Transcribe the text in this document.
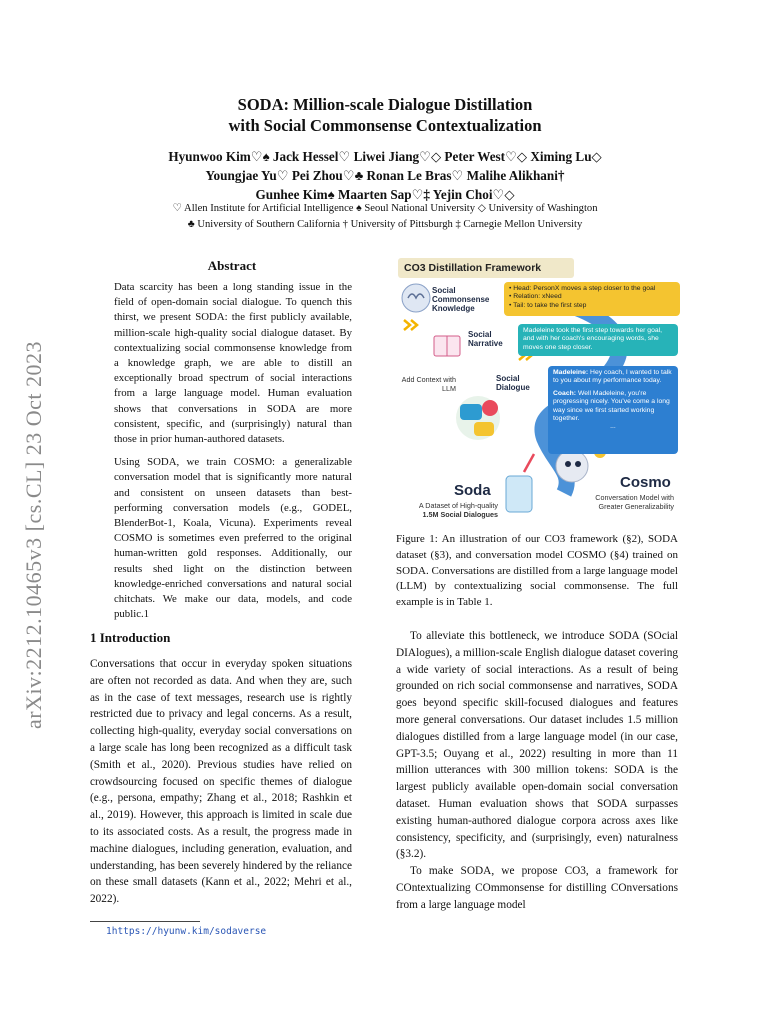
arXiv:2212.10465v3 [cs.CL] 23 Oct 2023
SODA: Million-scale Dialogue Distillation
with Social Commonsense Contextualization
Hyunwoo Kim♡♠ Jack Hessel♡ Liwei Jiang♡◇ Peter West♡◇ Ximing Lu◇
Youngjae Yu♡ Pei Zhou♡♣ Ronan Le Bras♡ Malihe Alikhani†
Gunhee Kim♠ Maarten Sap♡‡ Yejin Choi♡◇
♡ Allen Institute for Artificial Intelligence ♠ Seoul National University ◇ University of Washington
♣ University of Southern California † University of Pittsburgh ‡ Carnegie Mellon University
Abstract

Data scarcity has been a long standing issue in the field of open-domain social dialogue. To quench this thirst, we present SODA: the first publicly available, million-scale high-quality social dialogue dataset. By contextualizing social commonsense knowledge from a knowledge graph, we are able to distill an exceptionally broad spectrum of social interactions from a large language model. Human evaluation shows that conversations in SODA are more consistent, specific, and (surprisingly) natural than those in prior human-authored datasets.

Using SODA, we train COSMO: a generalizable conversation model that is significantly more natural and consistent on unseen datasets than best-performing conversation models (e.g., GODEL, BlenderBot-1, Koala, Vicuna). Experiments reveal COSMO is sometimes even preferred to the original human-written gold responses. Additionally, our results shed light on the distinction between knowledge-enriched conversations and natural social chitchats. We make our data, models, and code public.1

1 Introduction

Conversations that occur in everyday spoken situations are often not recorded as data. And when they are, such as in the case of text messages, research use is rightly restricted due to privacy and legal concerns. As a result, collecting high-quality, everyday social conversations on a large scale has long been recognized as a difficult task (Smith et al., 2020). Previous studies have relied on crowdsourcing focused on specific themes of dialogue (e.g., persona, empathy; Zhang et al., 2018; Rashkin et al., 2019). However, this approach is limited in scale due to its associated costs. As a result, the progress made in machine dialogues, including generation, evaluation, and understanding, has been severely hindered by the reliance on these small datasets (Kann et al., 2022; Mehri et al., 2022).

1https://hyunw.kim/sodaverse
CO3 Distillation Framework
Social Commonsense Knowledge
• Head: PersonX moves a step closer to the goal
• Relation: xNeed
• Tail: to take the first step
Social Narrative
Madeleine took the first step towards her goal, and with her coach's encouraging words, she moves one step closer.
Social Dialogue
Add Context with LLM
Madeleine: Hey coach, I wanted to talk to you about my performance today.
Coach: Well Madeleine, you're progressing nicely. You've come a long way since we first started working together.
...
Soda
A Dataset of High-quality
1.5M Social Dialogues
Cosmo
Conversation Model with Greater Generalizability
Figure 1: An illustration of our CO3 framework (§2), SODA dataset (§3), and conversation model COSMO (§4) trained on SODA. Conversations are distilled from a large language model (LLM) by contextualizing social commonsense. The full example is in Table 1.

To alleviate this bottleneck, we introduce SODA (SOcial DIAlogues), a million-scale English dialogue dataset covering a wide variety of social interactions. As a result of being grounded on rich social commonsense and narratives, SODA goes beyond specific skill-focused dialogues and features more general conversations. Our dataset includes 1.5 million dialogues distilled from a large language model (in our case, GPT-3.5; Ouyang et al., 2022) resulting in more than 11 million utterances with 300 million tokens: SODA is the largest publicly available open-domain social conversation dataset. Human evaluation shows that SODA surpasses existing human-authored dialogue corpora across axes like consistency, specificity, and (surprisingly, even) naturalness (§3.2).

To make SODA, we propose CO3, a framework for COntextualizing COmmonsense for distilling COnversations from a large language model
